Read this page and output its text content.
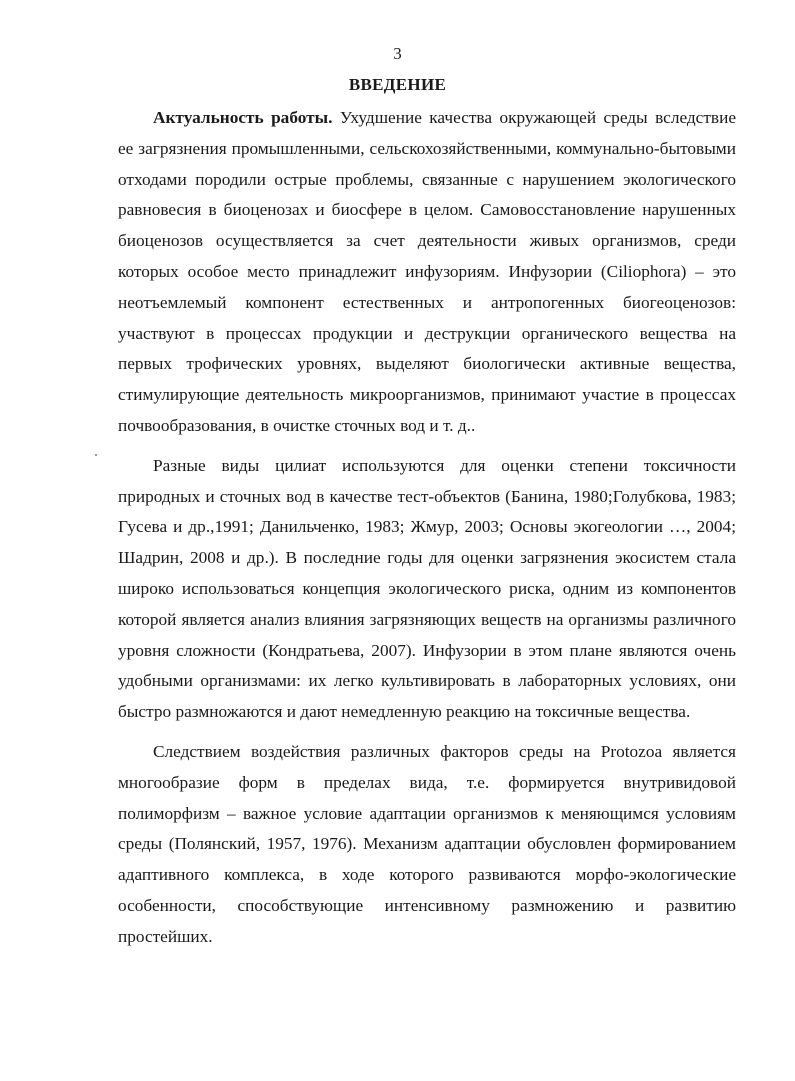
3
ВВЕДЕНИЕ

Актуальность работы. Ухудшение качества окружающей среды вследствие ее загрязнения промышленными, сельскохозяйственными, коммунально-бытовыми отходами породили острые проблемы, связанные с нарушением экологического равновесия в биоценозах и биосфере в целом. Самовосстановление нарушенных биоценозов осуществляется за счет деятельности живых организмов, среди которых особое место принадлежит инфузориям. Инфузории (Ciliophora) – это неотъемлемый компонент естественных и антропогенных биогеоценозов: участвуют в процессах продукции и деструкции органического вещества на первых трофических уровнях, выделяют биологически активные вещества, стимулирующие деятельность микроорганизмов, принимают участие в процессах почвообразования, в очистке сточных вод и т. д..

Разные виды цилиат используются для оценки степени токсичности природных и сточных вод в качестве тест-объектов (Банина, 1980;Голубкова, 1983; Гусева и др.,1991; Данильченко, 1983; Жмур, 2003; Основы экогеологии …, 2004; Шадрин, 2008 и др.). В последние годы для оценки загрязнения экосистем стала широко использоваться концепция экологического риска, одним из компонентов которой является анализ влияния загрязняющих веществ на организмы различного уровня сложности (Кондратьева, 2007). Инфузории в этом плане являются очень удобными организмами: их легко культивировать в лабораторных условиях, они быстро размножаются и дают немедленную реакцию на токсичные вещества.

Следствием воздействия различных факторов среды на Protozoa является многообразие форм в пределах вида, т.е. формируется внутривидовой полиморфизм – важное условие адаптации организмов к меняющимся условиям среды (Полянский, 1957, 1976). Механизм адаптации обусловлен формированием адаптивного комплекса, в ходе которого развиваются морфо-экологические особенности, способствующие интенсивному размножению и развитию простейших.
